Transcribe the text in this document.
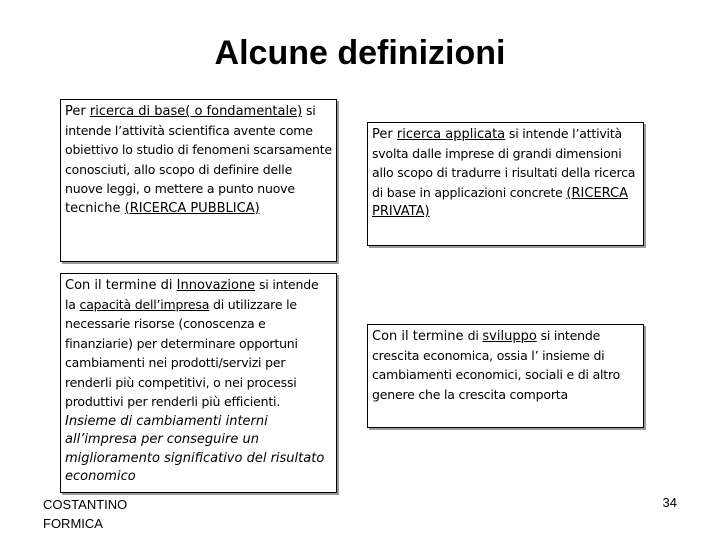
Alcune definizioni

Per ricerca di base( o fondamentale) si intende l’attività scientifica avente come obiettivo lo studio di fenomeni scarsamente conosciuti, allo scopo di definire delle nuove leggi, o mettere a punto nuove tecniche (RICERCA PUBBLICA)

Per ricerca applicata si intende l’attività svolta dalle imprese di grandi dimensioni allo scopo di tradurre i risultati della ricerca di base in applicazioni concrete (RICERCA PRIVATA)

Con il termine di Innovazione si intende la capacità dell’impresa di utilizzare le necessarie risorse (conoscenza e finanziarie) per determinare opportuni cambiamenti nei prodotti/servizi per renderli più competitivi, o nei processi produttivi per renderli più efficienti. Insieme di cambiamenti interni all’impresa per conseguire un miglioramento significativo del risultato economico

Con il termine di sviluppo si intende crescita economica, ossia l’ insieme di cambiamenti economici, sociali e di altro genere che la crescita comporta

COSTANTINO
FORMICA
34
